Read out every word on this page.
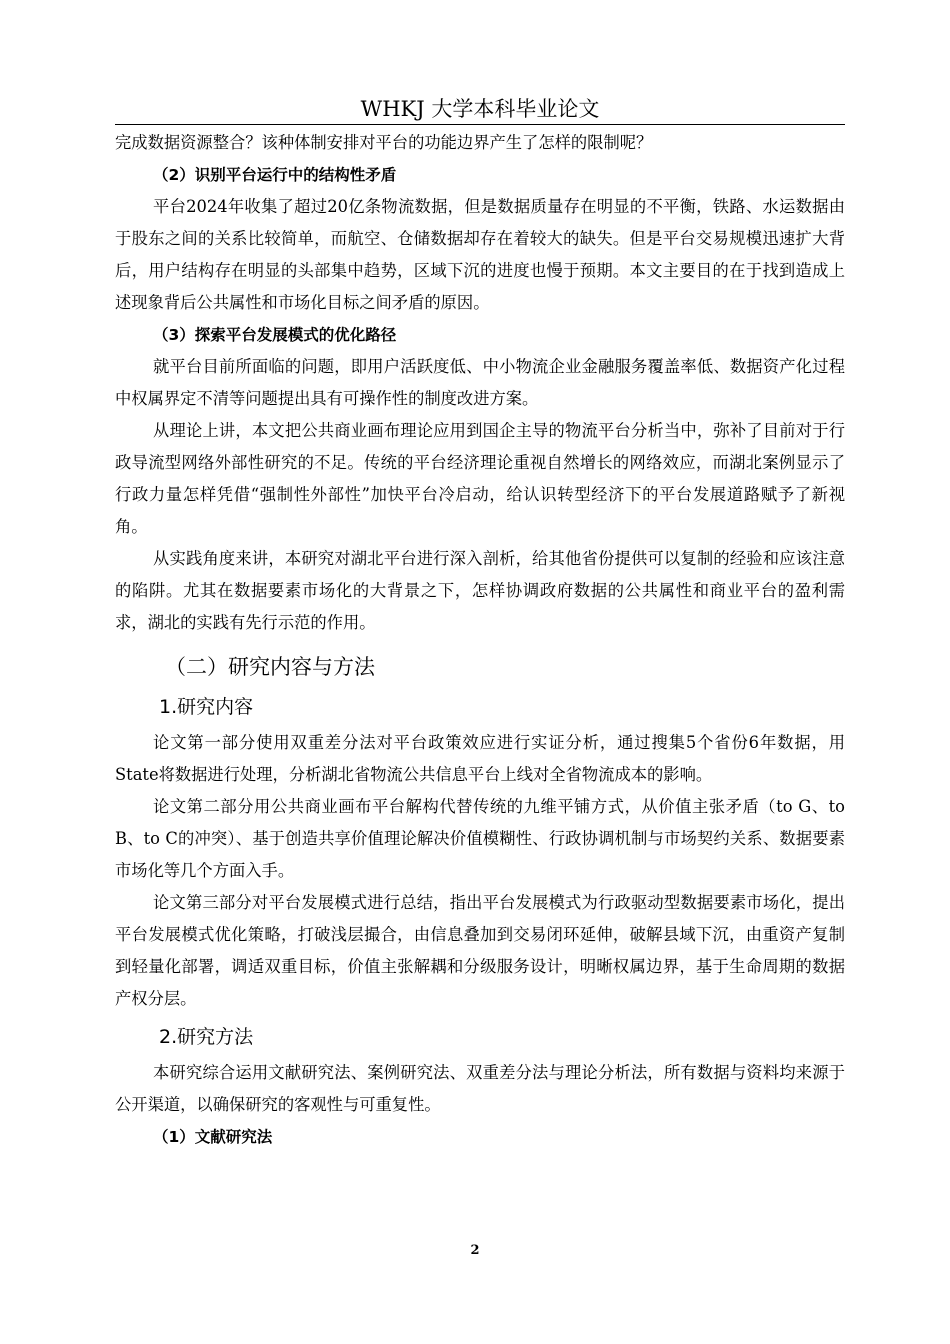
WHKJ 大学本科毕业论文

完成数据资源整合？该种体制安排对平台的功能边界产生了怎样的限制呢？

（2）识别平台运行中的结构性矛盾

平台2024年收集了超过20亿条物流数据，但是数据质量存在明显的不平衡，铁路、水运数据由于股东之间的关系比较简单，而航空、仓储数据却存在着较大的缺失。但是平台交易规模迅速扩大背后，用户结构存在明显的头部集中趋势，区域下沉的进度也慢于预期。本文主要目的在于找到造成上述现象背后公共属性和市场化目标之间矛盾的原因。

（3）探索平台发展模式的优化路径

就平台目前所面临的问题，即用户活跃度低、中小物流企业金融服务覆盖率低、数据资产化过程中权属界定不清等问题提出具有可操作性的制度改进方案。

从理论上讲，本文把公共商业画布理论应用到国企主导的物流平台分析当中，弥补了目前对于行政导流型网络外部性研究的不足。传统的平台经济理论重视自然增长的网络效应，而湖北案例显示了行政力量怎样凭借“强制性外部性”加快平台冷启动，给认识转型经济下的平台发展道路赋予了新视角。

从实践角度来讲，本研究对湖北平台进行深入剖析，给其他省份提供可以复制的经验和应该注意的陷阱。尤其在数据要素市场化的大背景之下，怎样协调政府数据的公共属性和商业平台的盈利需求，湖北的实践有先行示范的作用。

（二）研究内容与方法

1.研究内容

论文第一部分使用双重差分法对平台政策效应进行实证分析，通过搜集5个省份6年数据，用State将数据进行处理，分析湖北省物流公共信息平台上线对全省物流成本的影响。

论文第二部分用公共商业画布平台解构代替传统的九维平铺方式，从价值主张矛盾（to G、to B、to C的冲突）、基于创造共享价值理论解决价值模糊性、行政协调机制与市场契约关系、数据要素市场化等几个方面入手。

论文第三部分对平台发展模式进行总结，指出平台发展模式为行政驱动型数据要素市场化，提出平台发展模式优化策略，打破浅层撮合，由信息叠加到交易闭环延伸，破解县域下沉，由重资产复制到轻量化部署，调适双重目标，价值主张解耦和分级服务设计，明晰权属边界，基于生命周期的数据产权分层。

2.研究方法

本研究综合运用文献研究法、案例研究法、双重差分法与理论分析法，所有数据与资料均来源于公开渠道，以确保研究的客观性与可重复性。

（1）文献研究法

2
